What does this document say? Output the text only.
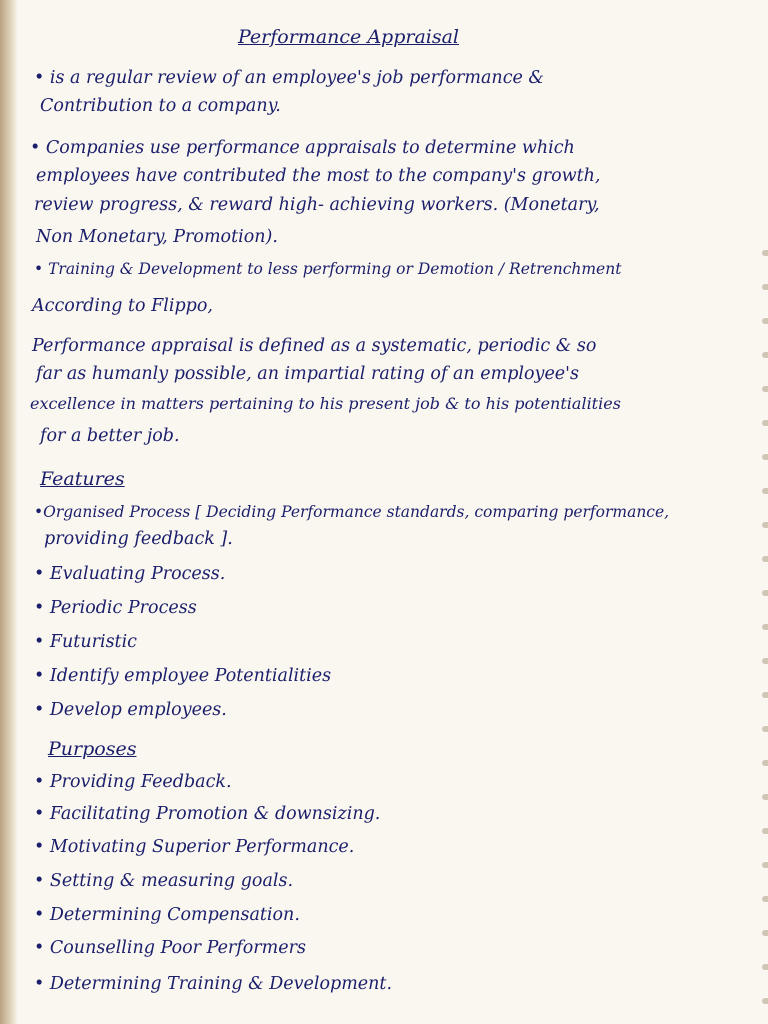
Performance Appraisal
• is a regular review of an employee's job performance &
Contribution to a company.
• Companies use performance appraisals to determine which
employees have contributed the most to the company's growth,
review progress, & reward high- achieving workers. (Monetary,
Non Monetary, Promotion).
• Training & Development to less performing or Demotion / Retrenchment
According to Flippo,
Performance appraisal is defined as a systematic, periodic & so
far as humanly possible, an impartial rating of an employee's
excellence in matters pertaining to his present job & to his potentialities
for a better job.
Features
•Organised Process [ Deciding Performance standards, comparing performance,
providing feedback ].
• Evaluating Process.
• Periodic Process
• Futuristic
• Identify employee Potentialities
• Develop employees.
Purposes
• Providing Feedback.
• Facilitating Promotion & downsizing.
• Motivating Superior Performance.
• Setting & measuring goals.
• Determining Compensation.
• Counselling Poor Performers
• Determining Training & Development.
